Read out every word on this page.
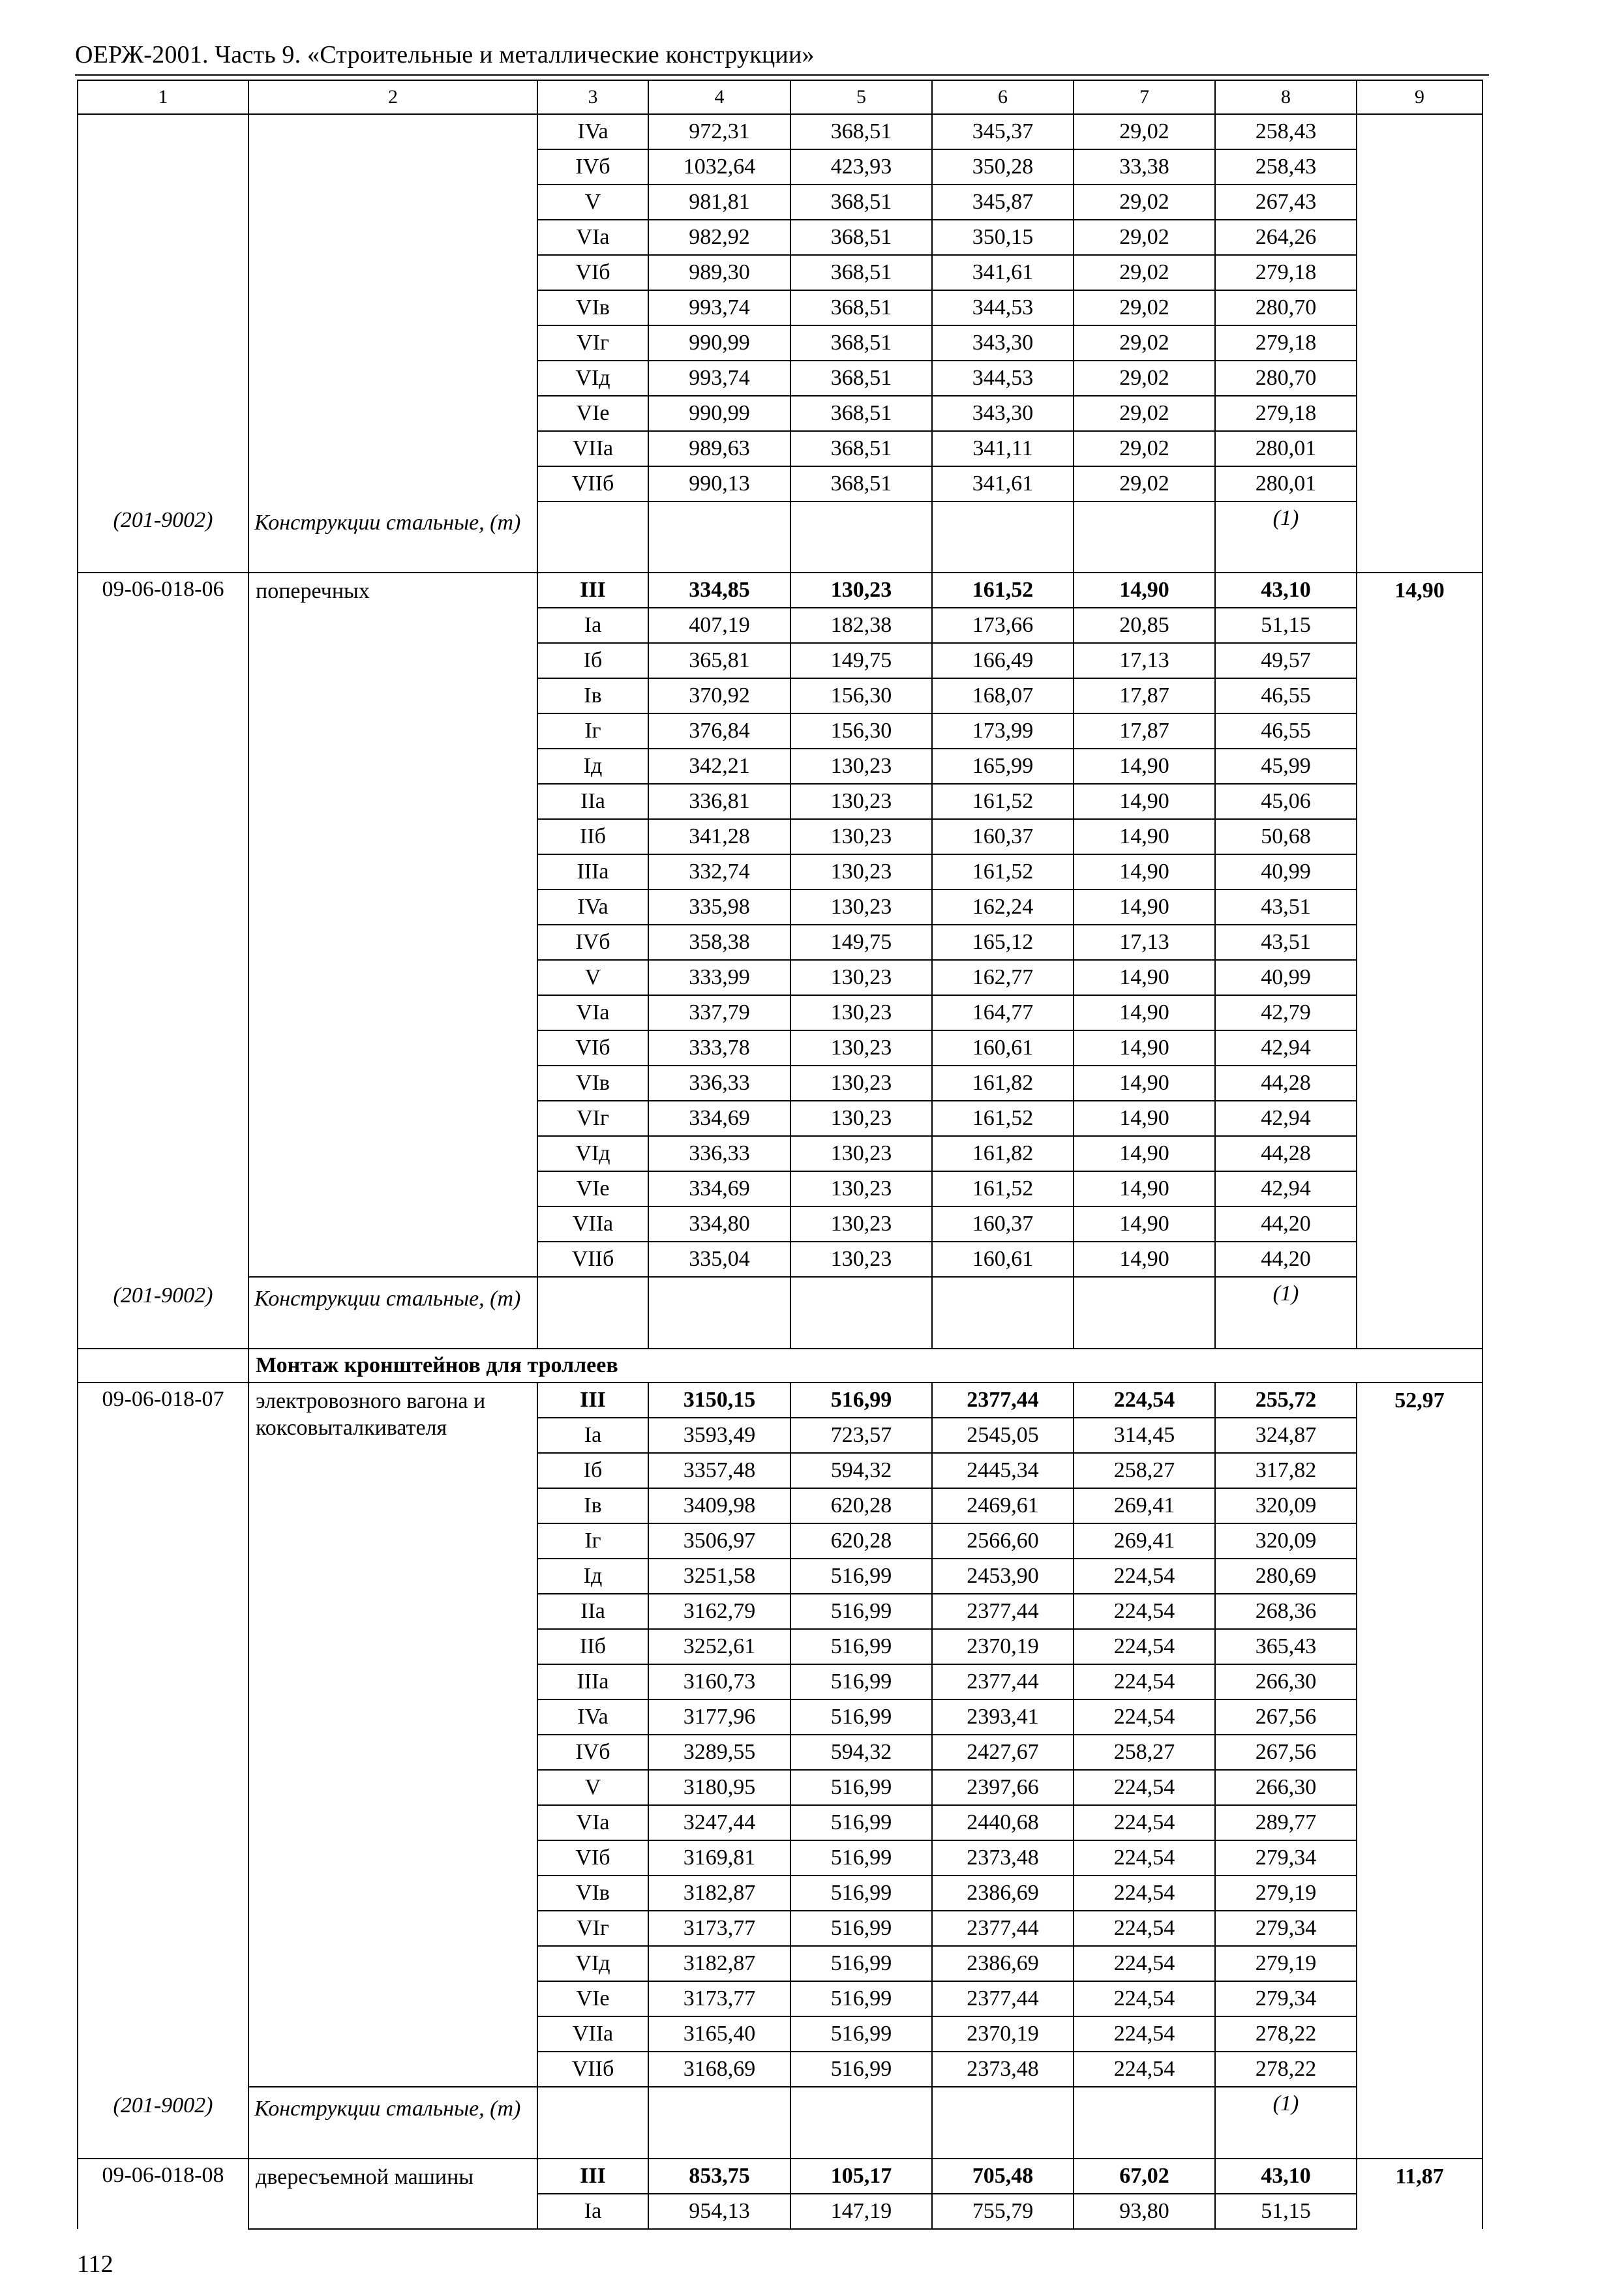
ОЕРЖ-2001. Часть 9. «Строительные и металлические конструкции»
1	2	3	4	5	6	7	8	9
		IVa	972,31	368,51	345,37	29,02	258,43	
		IVб	1032,64	423,93	350,28	33,38	258,43	
		V	981,81	368,51	345,87	29,02	267,43	
		VIa	982,92	368,51	350,15	29,02	264,26	
		VIб	989,30	368,51	341,61	29,02	279,18	
		VIв	993,74	368,51	344,53	29,02	280,70	
		VIг	990,99	368,51	343,30	29,02	279,18	
		VIд	993,74	368,51	344,53	29,02	280,70	
		VIe	990,99	368,51	343,30	29,02	279,18	
		VIIa	989,63	368,51	341,11	29,02	280,01	
		VIIб	990,13	368,51	341,61	29,02	280,01	
(201-9002)	Конструкции стальные, (т)						(1)	
09-06-018-06	поперечных	III	334,85	130,23	161,52	14,90	43,10	14,90
		Ia	407,19	182,38	173,66	20,85	51,15	
		Iб	365,81	149,75	166,49	17,13	49,57	
		Iв	370,92	156,30	168,07	17,87	46,55	
		Iг	376,84	156,30	173,99	17,87	46,55	
		Iд	342,21	130,23	165,99	14,90	45,99	
		IIa	336,81	130,23	161,52	14,90	45,06	
		IIб	341,28	130,23	160,37	14,90	50,68	
		IIIa	332,74	130,23	161,52	14,90	40,99	
		IVa	335,98	130,23	162,24	14,90	43,51	
		IVб	358,38	149,75	165,12	17,13	43,51	
		V	333,99	130,23	162,77	14,90	40,99	
		VIa	337,79	130,23	164,77	14,90	42,79	
		VIб	333,78	130,23	160,61	14,90	42,94	
		VIв	336,33	130,23	161,82	14,90	44,28	
		VIг	334,69	130,23	161,52	14,90	42,94	
		VIд	336,33	130,23	161,82	14,90	44,28	
		VIe	334,69	130,23	161,52	14,90	42,94	
		VIIa	334,80	130,23	160,37	14,90	44,20	
		VIIб	335,04	130,23	160,61	14,90	44,20	
(201-9002)	Конструкции стальные, (т)						(1)	
	Монтаж кронштейнов для троллеев							
09-06-018-07	электровозного вагона и коксовыталкивателя	III	3150,15	516,99	2377,44	224,54	255,72	52,97
		Ia	3593,49	723,57	2545,05	314,45	324,87	
		Iб	3357,48	594,32	2445,34	258,27	317,82	
		Iв	3409,98	620,28	2469,61	269,41	320,09	
		Iг	3506,97	620,28	2566,60	269,41	320,09	
		Iд	3251,58	516,99	2453,90	224,54	280,69	
		IIa	3162,79	516,99	2377,44	224,54	268,36	
		IIб	3252,61	516,99	2370,19	224,54	365,43	
		IIIa	3160,73	516,99	2377,44	224,54	266,30	
		IVa	3177,96	516,99	2393,41	224,54	267,56	
		IVб	3289,55	594,32	2427,67	258,27	267,56	
		V	3180,95	516,99	2397,66	224,54	266,30	
		VIa	3247,44	516,99	2440,68	224,54	289,77	
		VIб	3169,81	516,99	2373,48	224,54	279,34	
		VIв	3182,87	516,99	2386,69	224,54	279,19	
		VIг	3173,77	516,99	2377,44	224,54	279,34	
		VIд	3182,87	516,99	2386,69	224,54	279,19	
		VIe	3173,77	516,99	2377,44	224,54	279,34	
		VIIa	3165,40	516,99	2370,19	224,54	278,22	
		VIIб	3168,69	516,99	2373,48	224,54	278,22	
(201-9002)	Конструкции стальные, (т)						(1)	
09-06-018-08	двересъемной машины	III	853,75	105,17	705,48	67,02	43,10	11,87
		Ia	954,13	147,19	755,79	93,80	51,15	
112
